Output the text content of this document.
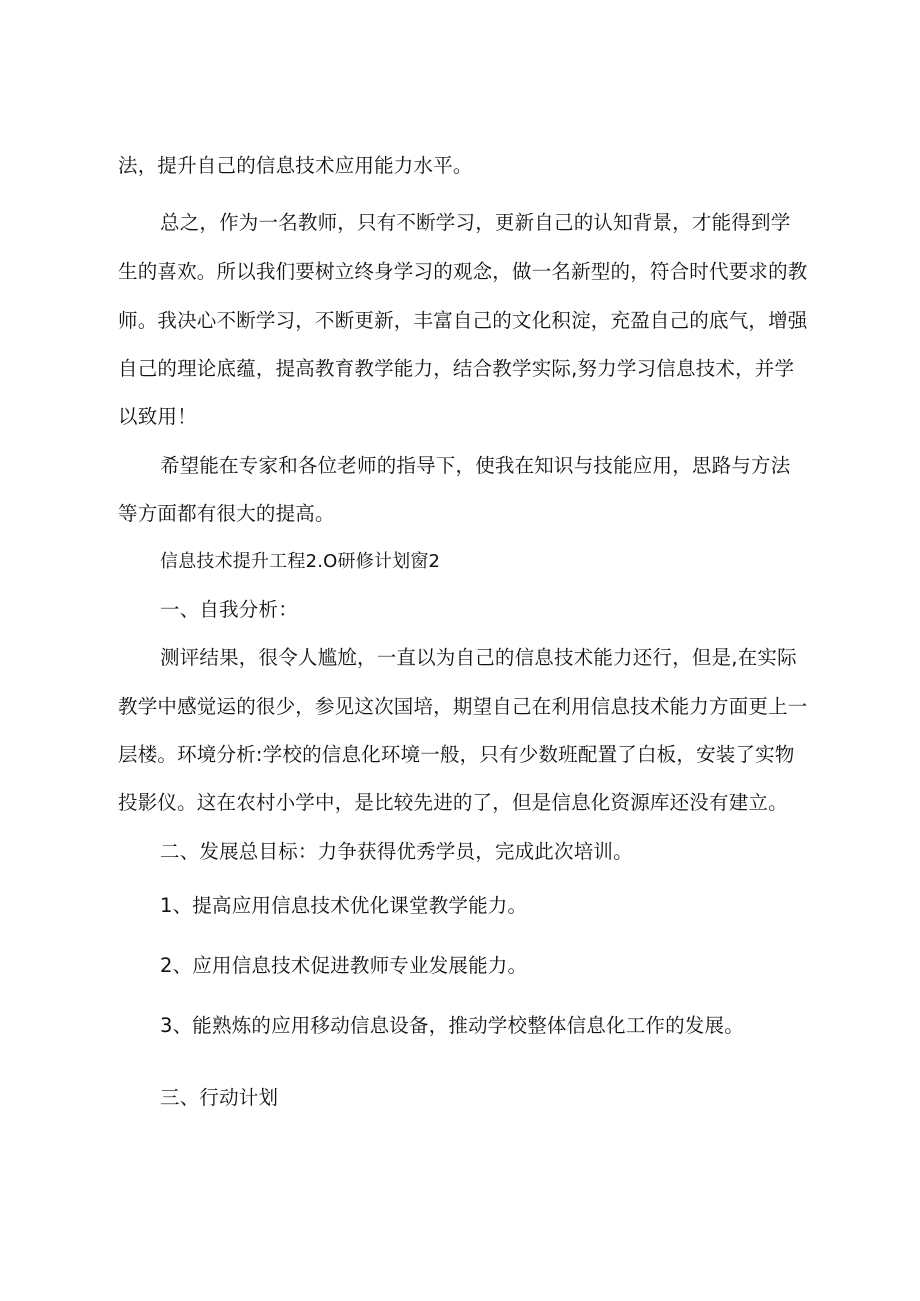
法，提升自己的信息技术应用能力水平。
总之，作为一名教师，只有不断学习，更新自己的认知背景，才能得到学
生的喜欢。所以我们要树立终身学习的观念，做一名新型的，符合时代要求的教
师。我决心不断学习，不断更新，丰富自己的文化积淀，充盈自己的底气，增强
自己的理论底蕴，提高教育教学能力，结合教学实际,努力学习信息技术，并学
以致用！
希望能在专家和各位老师的指导下，使我在知识与技能应用，思路与方法
等方面都有很大的提高。
信息技术提升工程2.O研修计划窗2
一、自我分析：
测评结果，很令人尴尬，一直以为自己的信息技术能力还行，但是,在实际
教学中感觉运的很少，参见这次国培，期望自己在利用信息技术能力方面更上一
层楼。环境分析:学校的信息化环境一般，只有少数班配置了白板，安装了实物
投影仪。这在农村小学中，是比较先进的了，但是信息化资源库还没有建立。
二、发展总目标：力争获得优秀学员，完成此次培训。
1、提高应用信息技术优化课堂教学能力。
2、应用信息技术促进教师专业发展能力。
3、能熟炼的应用移动信息设备，推动学校整体信息化工作的发展。
三、行动计划
